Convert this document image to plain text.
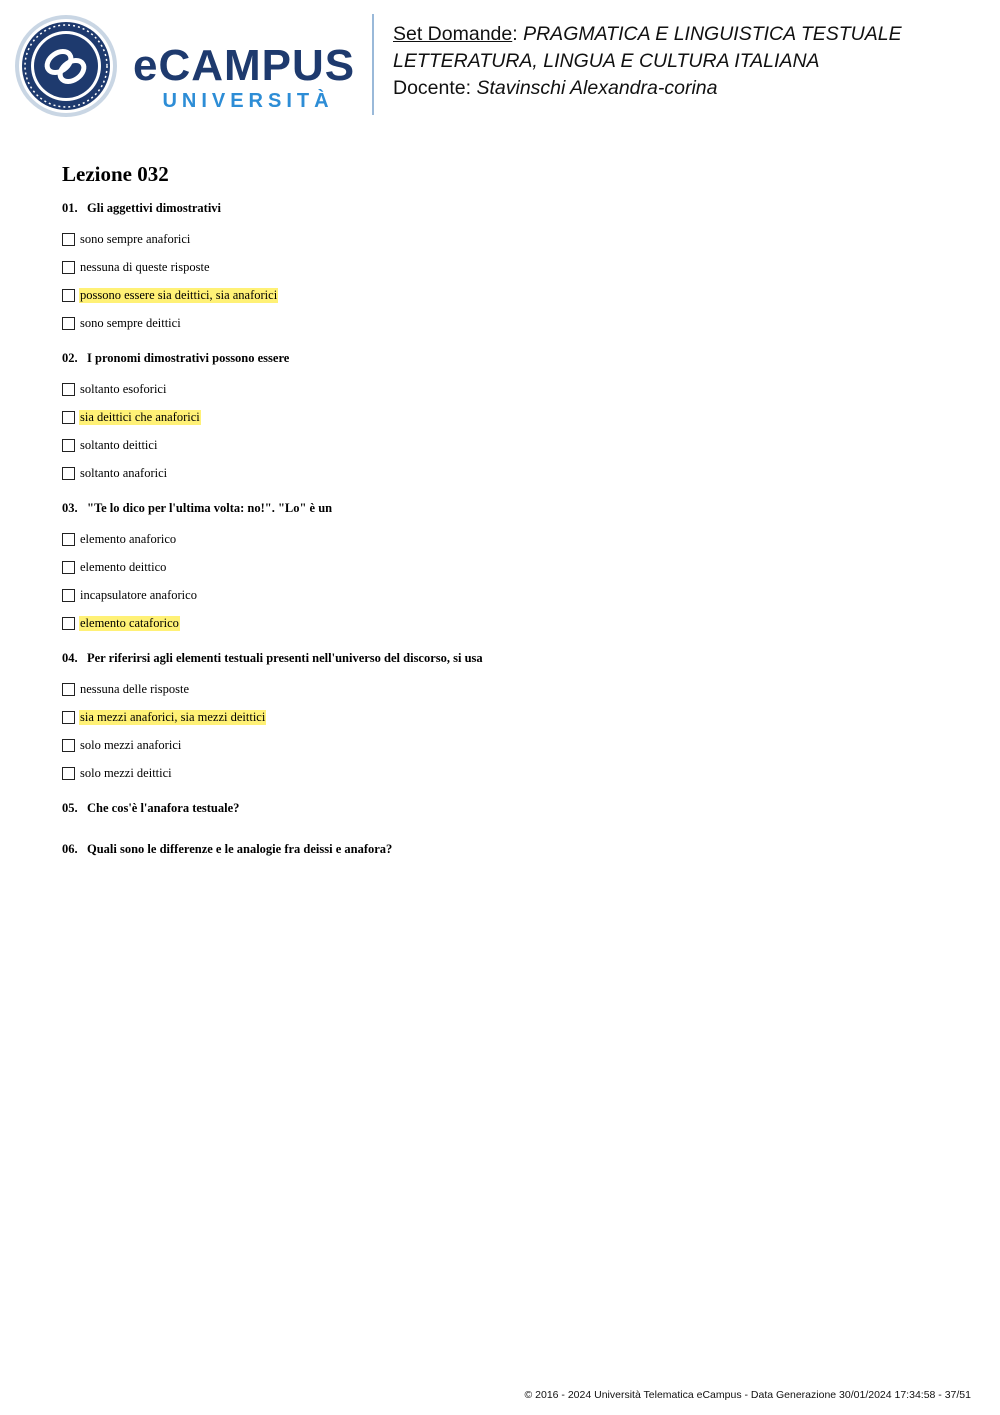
eCAMPUS
UNIVERSITÀ
Set Domande: PRAGMATICA E LINGUISTICA TESTUALE
LETTERATURA, LINGUA E CULTURA ITALIANA
Docente: Stavinschi Alexandra-corina
Lezione 032
01. Gli aggettivi dimostrativi
sono sempre anaforici
nessuna di queste risposte
possono essere sia deittici, sia anaforici
sono sempre deittici
02. I pronomi dimostrativi possono essere
soltanto esoforici
sia deittici che anaforici
soltanto deittici
soltanto anaforici
03. "Te lo dico per l'ultima volta: no!". "Lo" è un
elemento anaforico
elemento deittico
incapsulatore anaforico
elemento cataforico
04. Per riferirsi agli elementi testuali presenti nell'universo del discorso, si usa
nessuna delle risposte
sia mezzi anaforici, sia mezzi deittici
solo mezzi anaforici
solo mezzi deittici
05. Che cos'è l'anafora testuale?
06. Quali sono le differenze e le analogie fra deissi e anafora?
© 2016 - 2024 Università Telematica eCampus - Data Generazione 30/01/2024 17:34:58 - 37/51
